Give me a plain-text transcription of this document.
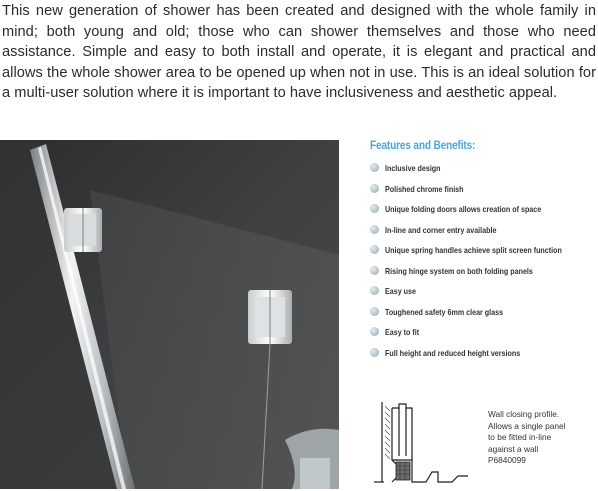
This new generation of shower has been created and designed with the whole family in mind; both young and old; those who can shower themselves and those who need assistance. Simple and easy to both install and operate, it is elegant and practical and allows the whole shower area to be opened up when not in use. This is an ideal solution for a multi-user solution where it is important to have inclusiveness and aesthetic appeal.
Features and Benefits:
Inclusive design
Polished chrome finish
Unique folding doors allows creation of space
In-line and corner entry available
Unique spring handles achieve split screen function
Rising hinge system on both folding panels
Easy use
Toughened safety 6mm clear glass
Easy to fit
Full height and reduced height versions
Wall closing profile.
Allows a single panel
to be fitted in-line
against a wall
P6840099
